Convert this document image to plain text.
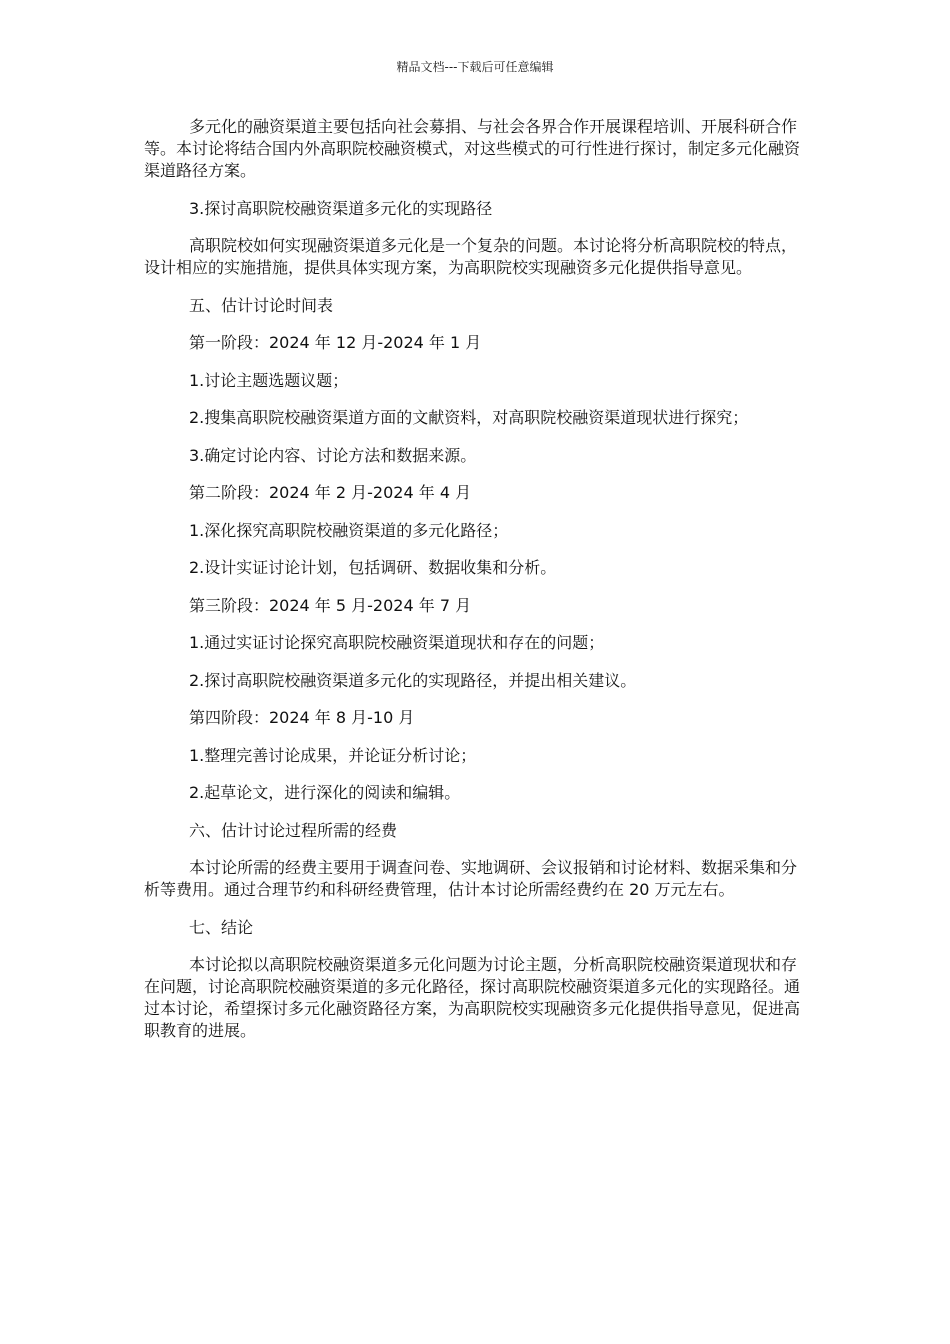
精品文档---下载后可任意编辑

多元化的融资渠道主要包括向社会募捐、与社会各界合作开展课程培训、开展科研合作等。本讨论将结合国内外高职院校融资模式，对这些模式的可行性进行探讨，制定多元化融资渠道路径方案。

3.探讨高职院校融资渠道多元化的实现路径

高职院校如何实现融资渠道多元化是一个复杂的问题。本讨论将分析高职院校的特点，设计相应的实施措施，提供具体实现方案，为高职院校实现融资多元化提供指导意见。

五、估计讨论时间表

第一阶段：2024 年 12 月-2024 年 1 月

1.讨论主题选题议题；

2.搜集高职院校融资渠道方面的文献资料，对高职院校融资渠道现状进行探究；

3.确定讨论内容、讨论方法和数据来源。

第二阶段：2024 年 2 月-2024 年 4 月

1.深化探究高职院校融资渠道的多元化路径；

2.设计实证讨论计划，包括调研、数据收集和分析。

第三阶段：2024 年 5 月-2024 年 7 月

1.通过实证讨论探究高职院校融资渠道现状和存在的问题；

2.探讨高职院校融资渠道多元化的实现路径，并提出相关建议。

第四阶段：2024 年 8 月-10 月

1.整理完善讨论成果，并论证分析讨论；

2.起草论文，进行深化的阅读和编辑。

六、估计讨论过程所需的经费

本讨论所需的经费主要用于调查问卷、实地调研、会议报销和讨论材料、数据采集和分析等费用。通过合理节约和科研经费管理，估计本讨论所需经费约在 20 万元左右。

七、结论

本讨论拟以高职院校融资渠道多元化问题为讨论主题，分析高职院校融资渠道现状和存在问题，讨论高职院校融资渠道的多元化路径，探讨高职院校融资渠道多元化的实现路径。通过本讨论，希望探讨多元化融资路径方案，为高职院校实现融资多元化提供指导意见，促进高职教育的进展。
